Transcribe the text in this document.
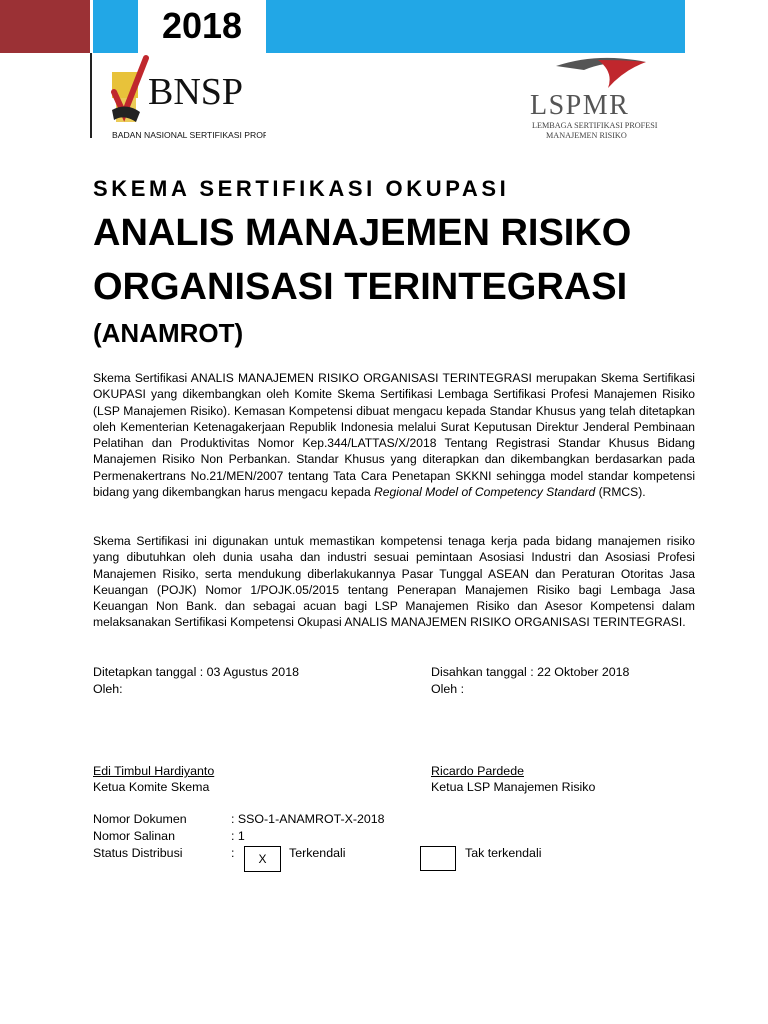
2018
BNSP
BADAN NASIONAL SERTIFIKASI PROFESI
LSPMR
LEMBAGA SERTIFIKASI PROFESI
MANAJEMEN RISIKO
SKEMA SERTIFIKASI OKUPASI
ANALIS MANAJEMEN RISIKO
ORGANISASI TERINTEGRASI
(ANAMROT)
Skema Sertifikasi ANALIS MANAJEMEN RISIKO ORGANISASI TERINTEGRASI merupakan Skema Sertifikasi OKUPASI yang dikembangkan oleh Komite Skema Sertifikasi Lembaga Sertifikasi Profesi Manajemen Risiko (LSP Manajemen Risiko). Kemasan Kompetensi dibuat mengacu kepada Standar Khusus yang telah ditetapkan oleh Kementerian Ketenagakerjaan Republik Indonesia melalui Surat Keputusan Direktur Jenderal Pembinaan Pelatihan dan Produktivitas Nomor Kep.344/LATTAS/X/2018 Tentang Registrasi Standar Khusus Bidang Manajemen Risiko Non Perbankan. Standar Khusus yang diterapkan dan dikembangkan berdasarkan pada Permenakertrans No.21/MEN/2007 tentang Tata Cara Penetapan SKKNI sehingga model standar kompetensi bidang yang dikembangkan harus mengacu kepada Regional Model of Competency Standard (RMCS).
Skema Sertifikasi ini digunakan untuk memastikan kompetensi tenaga kerja pada bidang manajemen risiko yang dibutuhkan oleh dunia usaha dan industri sesuai pemintaan Asosiasi Industri dan Asosiasi Profesi Manajemen Risiko, serta mendukung diberlakukannya Pasar Tunggal ASEAN dan Peraturan Otoritas Jasa Keuangan (POJK) Nomor 1/POJK.05/2015 tentang Penerapan Manajemen Risiko bagi Lembaga Jasa Keuangan Non Bank. dan sebagai acuan bagi LSP Manajemen Risiko dan Asesor Kompetensi dalam melaksanakan Sertifikasi Kompetensi Okupasi ANALIS MANAJEMEN RISIKO ORGANISASI TERINTEGRASI.
Ditetapkan tanggal : 03 Agustus 2018
Oleh:
Disahkan tanggal : 22 Oktober 2018
Oleh :
Edi Timbul Hardiyanto
Ketua Komite Skema
Ricardo Pardede
Ketua LSP Manajemen Risiko
Nomor Dokumen	: SSO-1-ANAMROT-X-2018
Nomor Salinan	: 1
Status Distribusi	:	X	Terkendali	Tak terkendali
